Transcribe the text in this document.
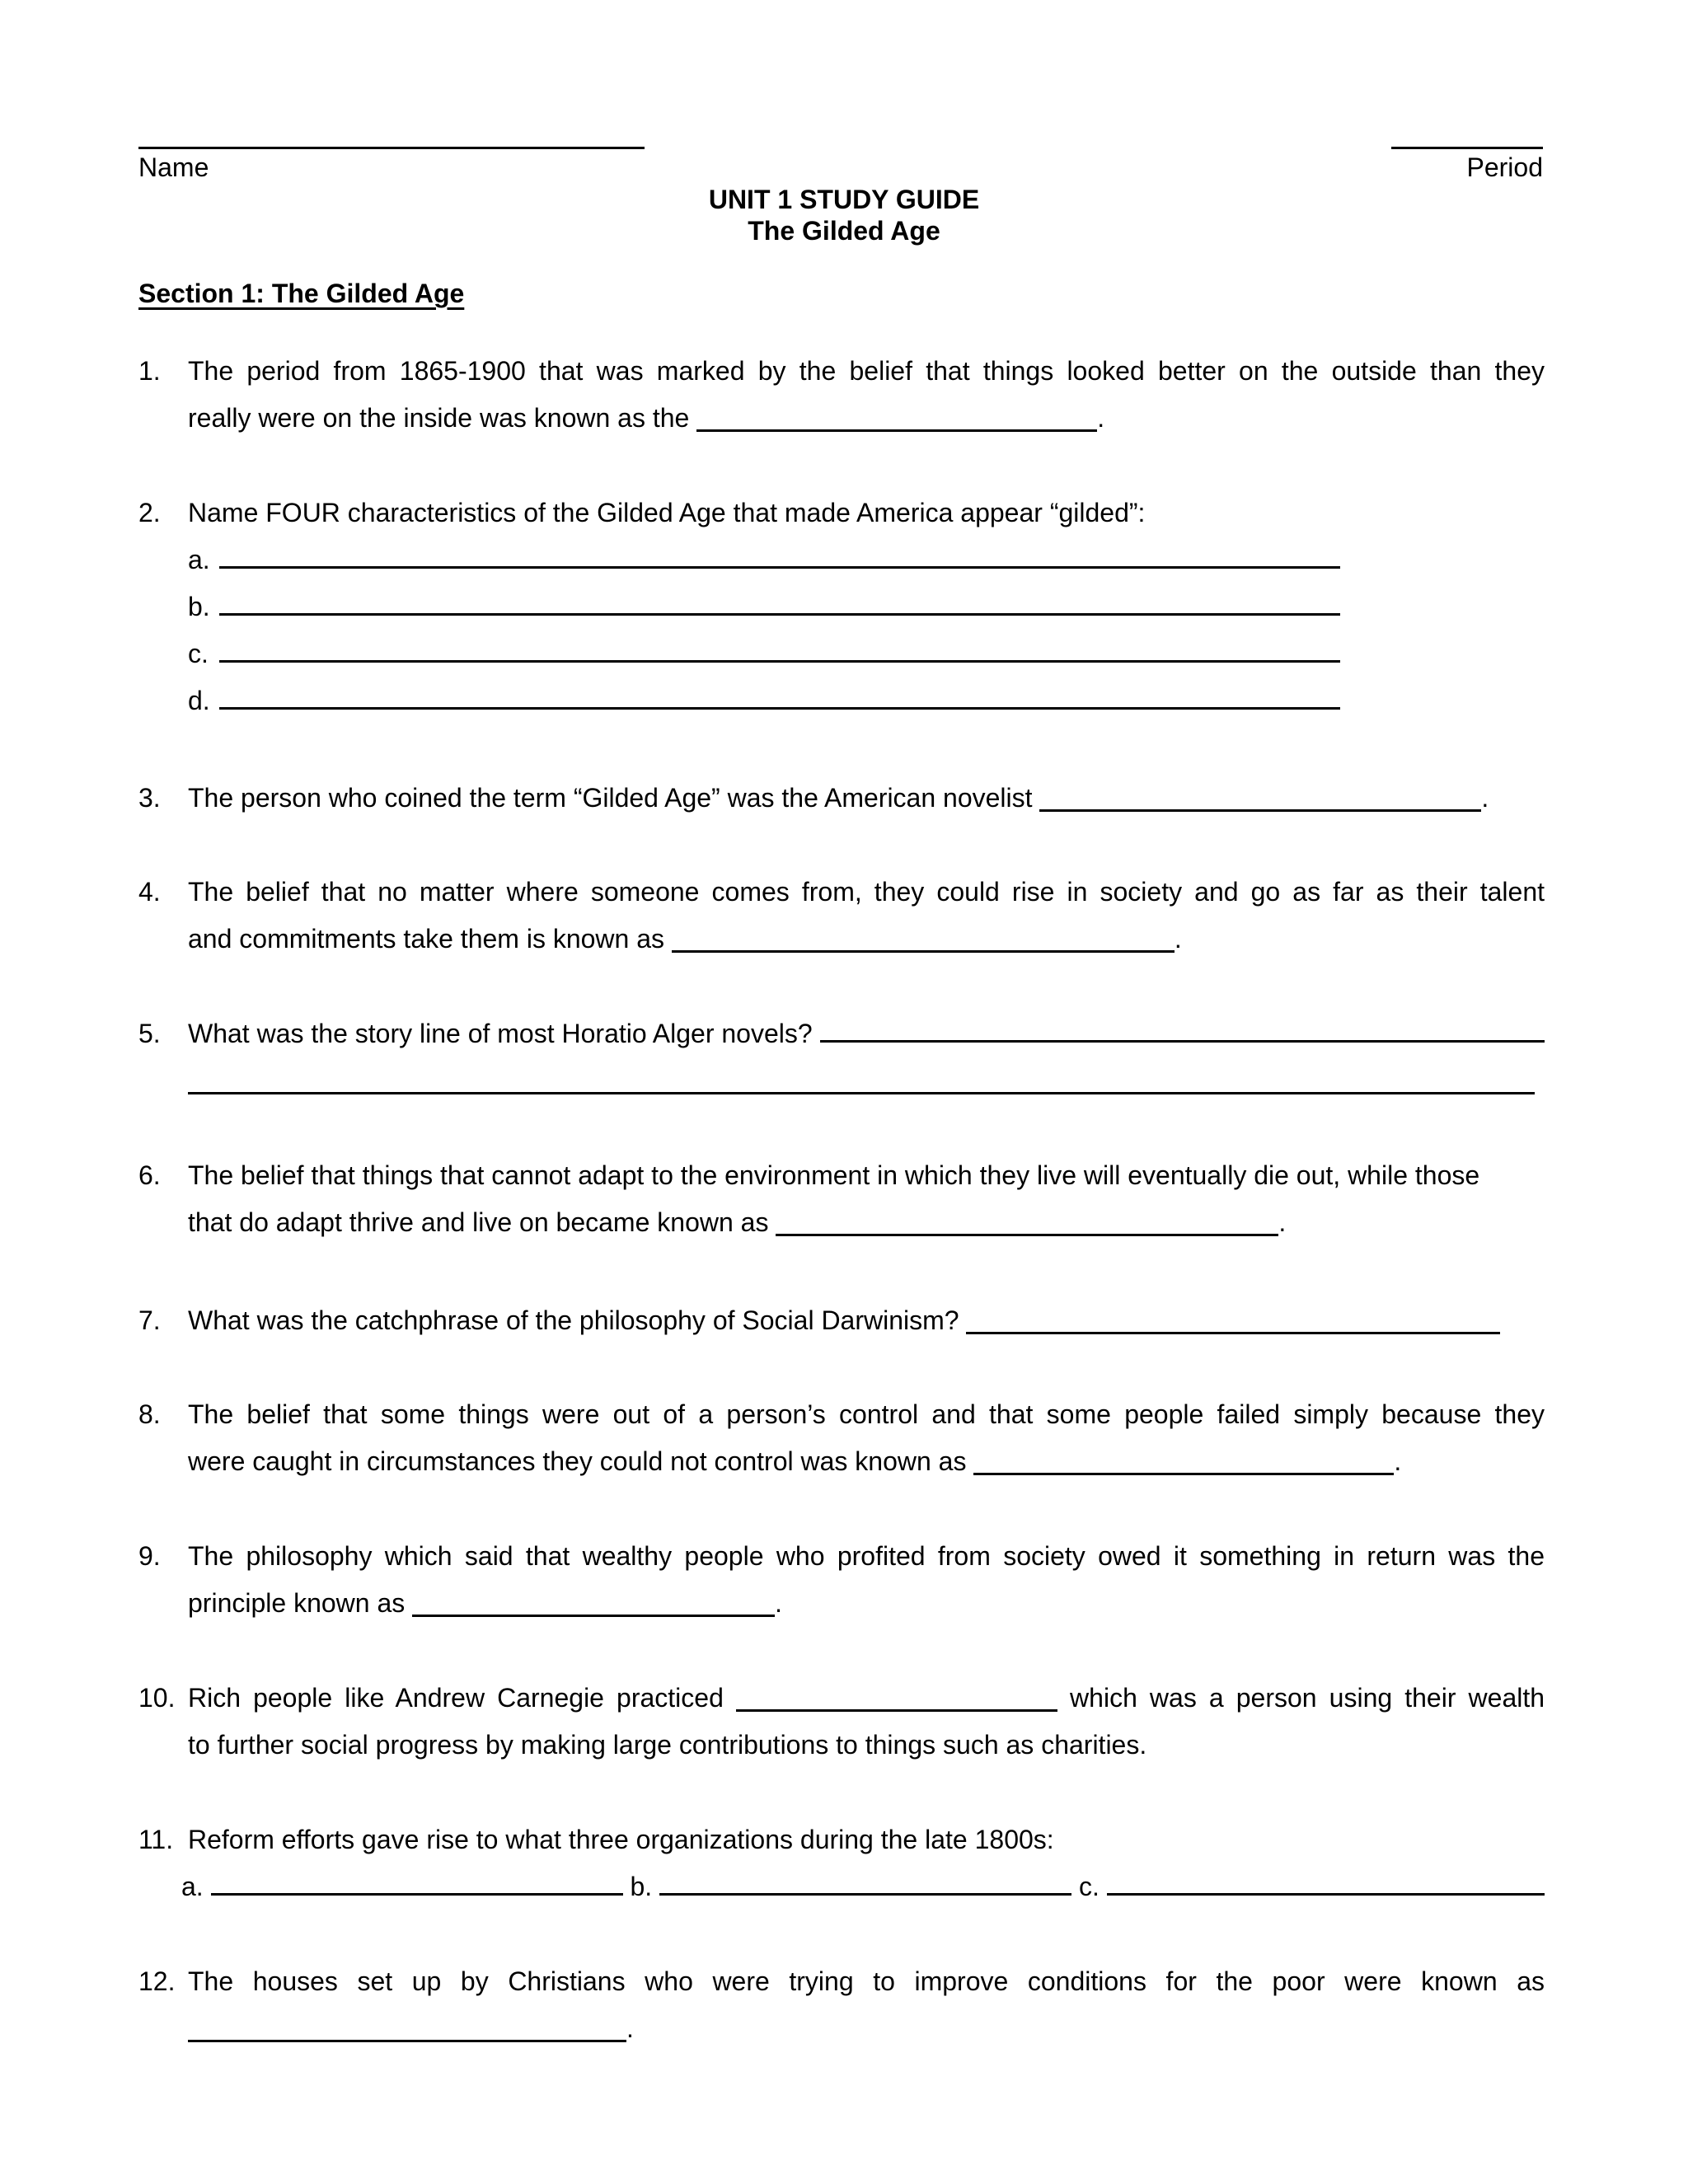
Name	Period
UNIT 1 STUDY GUIDE
The Gilded Age
Section 1: The Gilded Age
1. The period from 1865-1900 that was marked by the belief that things looked better on the outside than they
really were on the inside was known as the	.
2. Name FOUR characteristics of the Gilded Age that made America appear “gilded”:
a.
b.
c.
d.
3. The person who coined the term “Gilded Age” was the American novelist	.
4. The belief that no matter where someone comes from, they could rise in society and go as far as their talent
and commitments take them is known as	.
5. What was the story line of most Horatio Alger novels?

6. The belief that things that cannot adapt to the environment in which they live will eventually die out, while those
that do adapt thrive and live on became known as	.
7. What was the catchphrase of the philosophy of Social Darwinism?
8. The belief that some things were out of a person’s control and that some people failed simply because they
were caught in circumstances they could not control was known as	.
9. The philosophy which said that wealthy people who profited from society owed it something in return was the
principle known as	.
10. Rich people like Andrew Carnegie practiced	which was a person using their wealth
to further social progress by making large contributions to things such as charities.
11. Reform efforts gave rise to what three organizations during the late 1800s:
a.

	b.

	c.

12. The houses set up by Christians who were trying to improve conditions for the poor were known as
.
